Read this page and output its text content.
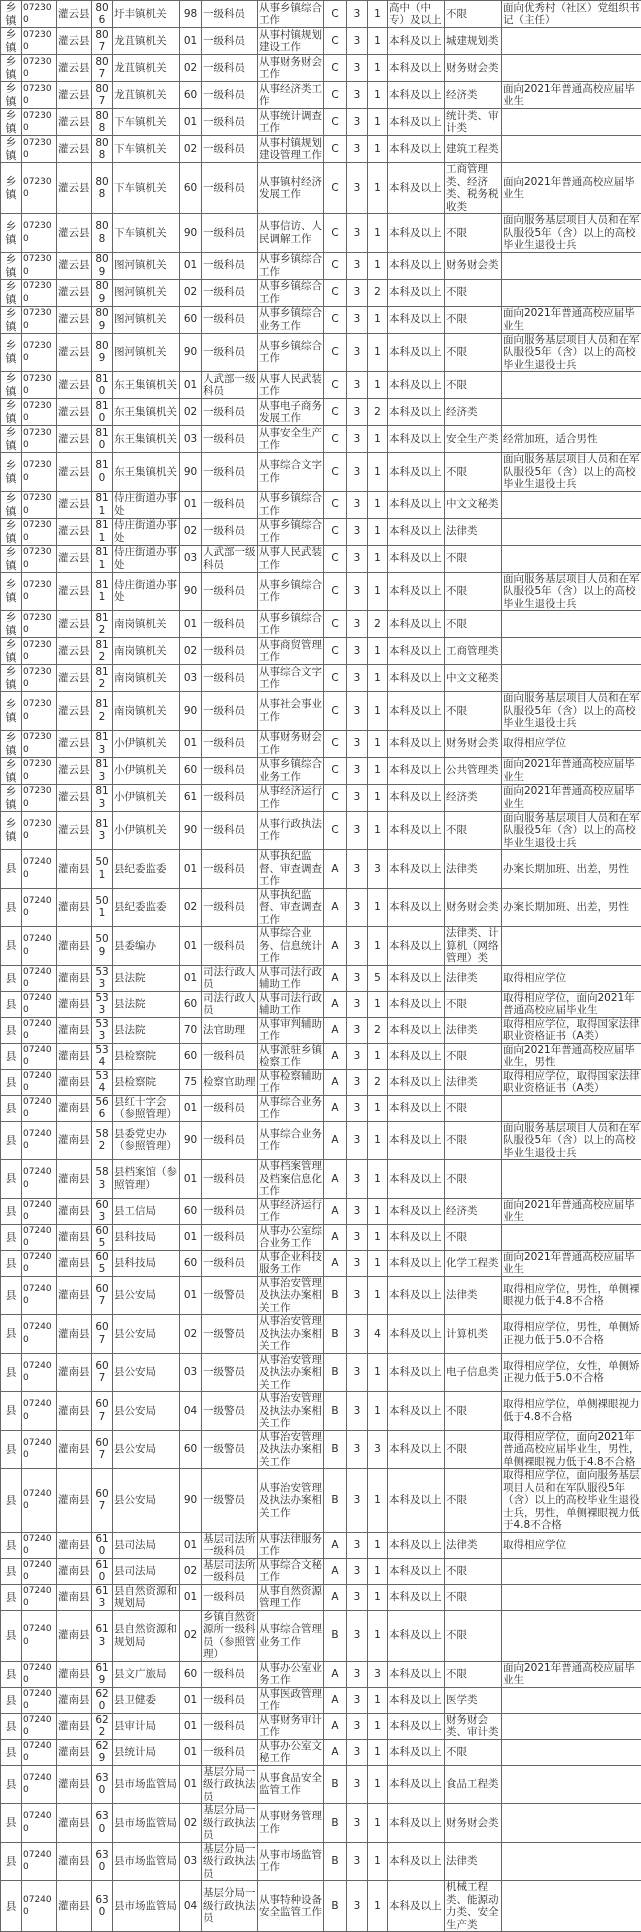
乡镇	072300	灌云县	806	圩丰镇机关	98	一级科员	从事乡镇综合工作	C	3	1	高中（中专）及以上	不限	面向优秀村（社区）党组织书记（主任）
乡镇	072300	灌云县	807	龙苴镇机关	01	一级科员	从事村镇规划建设工作	C	3	1	本科及以上	城建规划类	
乡镇	072300	灌云县	807	龙苴镇机关	02	一级科员	从事财务财会工作	C	3	1	本科及以上	财务财会类	
乡镇	072300	灌云县	807	龙苴镇机关	60	一级科员	从事经济类工作	C	3	1	本科及以上	经济类	面向2021年普通高校应届毕业生
乡镇	072300	灌云县	808	下车镇机关	01	一级科员	从事统计调查工作	C	3	1	本科及以上	统计类、审计类	
乡镇	072300	灌云县	808	下车镇机关	02	一级科员	从事村镇规划建设管理工作	C	3	1	本科及以上	建筑工程类	
乡镇	072300	灌云县	808	下车镇机关	60	一级科员	从事镇村经济发展工作	C	3	1	本科及以上	工商管理类、经济类、税务税收类	面向2021年普通高校应届毕业生
乡镇	072300	灌云县	808	下车镇机关	90	一级科员	从事信访、人民调解工作	C	3	1	本科及以上	不限	面向服务基层项目人员和在军队服役5年（含）以上的高校毕业生退役士兵
乡镇	072300	灌云县	809	图河镇机关	01	一级科员	从事乡镇综合工作	C	3	1	本科及以上	财务财会类	
乡镇	072300	灌云县	809	图河镇机关	02	一级科员	从事乡镇综合工作	C	3	2	本科及以上	不限	
乡镇	072300	灌云县	809	图河镇机关	60	一级科员	从事乡镇综合业务工作	C	3	1	本科及以上	不限	面向2021年普通高校应届毕业生
乡镇	072300	灌云县	809	图河镇机关	90	一级科员	从事乡镇综合工作	C	3	1	本科及以上	不限	面向服务基层项目人员和在军队服役5年（含）以上的高校毕业生退役士兵
乡镇	072300	灌云县	810	东王集镇机关	01	人武部一级科员	从事人民武装工作	C	3	1	本科及以上	不限	
乡镇	072300	灌云县	810	东王集镇机关	02	一级科员	从事电子商务发展工作	C	3	2	本科及以上	经济类	
乡镇	072300	灌云县	810	东王集镇机关	03	一级科员	从事安全生产工作	C	3	1	本科及以上	安全生产类	经常加班，适合男性
乡镇	072300	灌云县	810	东王集镇机关	90	一级科员	从事综合文字工作	C	3	1	本科及以上	不限	面向服务基层项目人员和在军队服役5年（含）以上的高校毕业生退役士兵
乡镇	072300	灌云县	811	侍庄街道办事处	01	一级科员	从事乡镇综合工作	C	3	1	本科及以上	中文文秘类	
乡镇	072300	灌云县	811	侍庄街道办事处	02	一级科员	从事乡镇综合工作	C	3	1	本科及以上	法律类	
乡镇	072300	灌云县	811	侍庄街道办事处	03	人武部一级科员	从事人民武装工作	C	3	1	本科及以上	不限	
乡镇	072300	灌云县	811	侍庄街道办事处	90	一级科员	从事乡镇综合工作	C	3	1	本科及以上	不限	面向服务基层项目人员和在军队服役5年（含）以上的高校毕业生退役士兵
乡镇	072300	灌云县	812	南岗镇机关	01	一级科员	从事乡镇综合工作	C	3	2	本科及以上	不限	
乡镇	072300	灌云县	812	南岗镇机关	02	一级科员	从事商贸管理工作	C	3	1	本科及以上	工商管理类	
乡镇	072300	灌云县	812	南岗镇机关	03	一级科员	从事综合文字工作	C	3	1	本科及以上	中文文秘类	
乡镇	072300	灌云县	812	南岗镇机关	90	一级科员	从事社会事业工作	C	3	1	本科及以上	不限	面向服务基层项目人员和在军队服役5年（含）以上的高校毕业生退役士兵
乡镇	072300	灌云县	813	小伊镇机关	01	一级科员	从事财务财会工作	C	3	1	本科及以上	财务财会类	取得相应学位
乡镇	072300	灌云县	813	小伊镇机关	60	一级科员	从事乡镇综合业务工作	C	3	1	本科及以上	公共管理类	面向2021年普通高校应届毕业生
乡镇	072300	灌云县	813	小伊镇机关	61	一级科员	从事经济运行工作	C	3	1	本科及以上	经济类	面向2021年普通高校应届毕业生
乡镇	072300	灌云县	813	小伊镇机关	90	一级科员	从事行政执法工作	C	3	1	本科及以上	不限	面向服务基层项目人员和在军队服役5年（含）以上的高校毕业生退役士兵
县	072400	灌南县	501	县纪委监委	01	一级科员	从事执纪监督、审查调查工作	A	3	3	本科及以上	法律类	办案长期加班、出差，男性
县	072400	灌南县	501	县纪委监委	02	一级科员	从事执纪监督、审查调查工作	A	3	1	本科及以上	财务财会类	办案长期加班、出差，男性
县	072400	灌南县	509	县委编办	01	一级科员	从事综合业务、信息统计工作	A	3	1	本科及以上	法律类、计算机（网络管理）类	
县	072400	灌南县	533	县法院	01	司法行政人员	从事司法行政辅助工作	A	3	5	本科及以上	法律类	取得相应学位
县	072400	灌南县	533	县法院	60	司法行政人员	从事司法行政辅助工作	A	3	1	本科及以上	不限	取得相应学位，面向2021年普通高校应届毕业生
县	072400	灌南县	533	县法院	70	法官助理	从事审判辅助工作	A	3	2	本科及以上	法律类	取得相应学位，取得国家法律职业资格证书（A类）
县	072400	灌南县	534	县检察院	60	一级科员	从事派驻乡镇检察工作	A	3	1	本科及以上	不限	面向2021年普通高校应届毕业生，男性
县	072400	灌南县	534	县检察院	75	检察官助理	从事检察辅助工作	A	3	2	本科及以上	法律类	取得相应学位，取得国家法律职业资格证书（A类）
县	072400	灌南县	566	县红十字会（参照管理）	01	一级科员	从事综合业务工作	A	3	1	本科及以上	不限	
县	072400	灌南县	582	县委党史办（参照管理）	90	一级科员	从事综合业务工作	A	3	1	本科及以上	不限	面向服务基层项目人员和在军队服役5年（含）以上的高校毕业生退役士兵
县	072400	灌南县	583	县档案馆（参照管理）	01	一级科员	从事档案管理及档案信息化工作	A	3	1	本科及以上	不限	
县	072400	灌南县	603	县工信局	60	一级科员	从事经济运行工作	A	3	1	本科及以上	经济类	面向2021年普通高校应届毕业生
县	072400	灌南县	605	县科技局	01	一级科员	从事办公室综合业务工作	A	3	1	本科及以上	不限	
县	072400	灌南县	605	县科技局	60	一级科员	从事企业科技服务工作	A	3	1	本科及以上	化学工程类	面向2021年普通高校应届毕业生
县	072400	灌南县	607	县公安局	01	一级警员	从事治安管理及执法办案相关工作	B	3	1	本科及以上	法律类	取得相应学位，男性，单侧裸眼视力低于4.8不合格
县	072400	灌南县	607	县公安局	02	一级警员	从事治安管理及执法办案相关工作	B	3	4	本科及以上	计算机类	取得相应学位，男性，单侧矫正视力低于5.0不合格
县	072400	灌南县	607	县公安局	03	一级警员	从事治安管理及执法办案相关工作	B	3	1	本科及以上	电子信息类	取得相应学位，女性，单侧矫正视力低于5.0不合格
县	072400	灌南县	607	县公安局	04	一级警员	从事治安管理及执法办案相关工作	B	3	1	本科及以上	不限	取得相应学位，单侧裸眼视力低于4.8不合格
县	072400	灌南县	607	县公安局	60	一级警员	从事治安管理及执法办案相关工作	B	3	3	本科及以上	不限	取得相应学位，面向2021年普通高校应届毕业生，男性，单侧裸眼视力低于4.8不合格
县	072400	灌南县	607	县公安局	90	一级警员	从事治安管理及执法办案相关工作	B	3	1	本科及以上	不限	取得相应学位，面向服务基层项目人员和在军队服役5年（含）以上的高校毕业生退役士兵，男性，单侧裸眼视力低于4.8不合格
县	072400	灌南县	610	县司法局	01	基层司法所一级科员	从事法律服务工作	A	3	1	本科及以上	法律类	取得相应学位
县	072400	灌南县	610	县司法局	02	基层司法所一级科员	从事综合文秘工作	A	3	1	本科及以上	不限	
县	072400	灌南县	613	县自然资源和规划局	01	一级科员	从事自然资源管理工作	A	3	1	本科及以上	不限	
县	072400	灌南县	613	县自然资源和规划局	02	乡镇自然资源所一级科员（参照管理）	从事综合管理业务工作	B	3	1	本科及以上	不限	
县	072400	灌南县	619	县文广旅局	60	一级科员	从事办公室业务工作	A	3	3	本科及以上	不限	面向2021年普通高校应届毕业生
县	072400	灌南县	620	县卫健委	01	一级科员	从事医政管理工作	A	3	1	本科及以上	医学类	
县	072400	灌南县	622	县审计局	01	一级科员	从事财务审计工作	A	3	1	本科及以上	财务财会类、审计类	
县	072400	灌南县	629	县统计局	01	一级科员	从事办公室文秘工作	A	3	1	本科及以上	不限	
县	072400	灌南县	630	县市场监管局	01	基层分局一级行政执法员	从事食品安全监管工作	B	3	1	本科及以上	食品工程类	
县	072400	灌南县	630	县市场监管局	02	基层分局一级行政执法员	从事财务管理工作	B	3	1	本科及以上	财务财会类	
县	072400	灌南县	630	县市场监管局	03	基层分局一级行政执法员	从事市场监管工作	B	3	1	本科及以上	法律类	
县	072400	灌南县	630	县市场监管局	04	基层分局一级行政执法员	从事特种设备安全监管工作	B	3	1	本科及以上	机械工程类、能源动力类、安全生产类	
